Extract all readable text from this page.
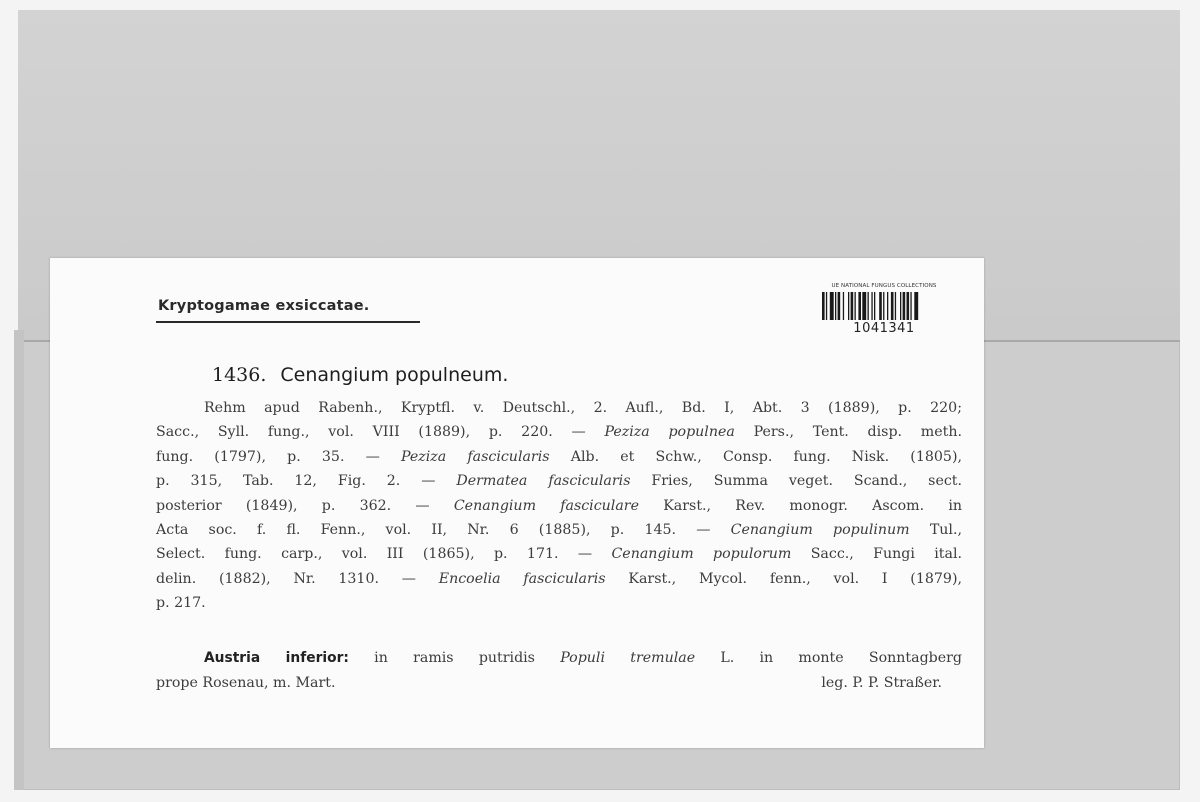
Kryptogamae exsiccatae.
UE NATIONAL FUNGUS COLLECTIONS
1041341
1436. Cenangium populneum.
Rehm apud Rabenh., Kryptfl. v. Deutschl., 2. Aufl., Bd. I, Abt. 3 (1889), p. 220;
Sacc., Syll. fung., vol. VIII (1889), p. 220. — Peziza populnea Pers., Tent. disp. meth.
fung. (1797), p. 35. — Peziza fascicularis Alb. et Schw., Consp. fung. Nisk. (1805),
p. 315, Tab. 12, Fig. 2. — Dermatea fascicularis Fries, Summa veget. Scand., sect.
posterior (1849), p. 362. — Cenangium fasciculare Karst., Rev. monogr. Ascom. in
Acta soc. f. fl. Fenn., vol. II, Nr. 6 (1885), p. 145. — Cenangium populinum Tul.,
Select. fung. carp., vol. III (1865), p. 171. — Cenangium populorum Sacc., Fungi ital.
delin. (1882), Nr. 1310. — Encoelia fascicularis Karst., Mycol. fenn., vol. I (1879),
p. 217.
Austria inferior: in ramis putridis Populi tremulae L. in monte Sonntagberg
prope Rosenau, m. Mart.	leg. P. P. Straßer.
